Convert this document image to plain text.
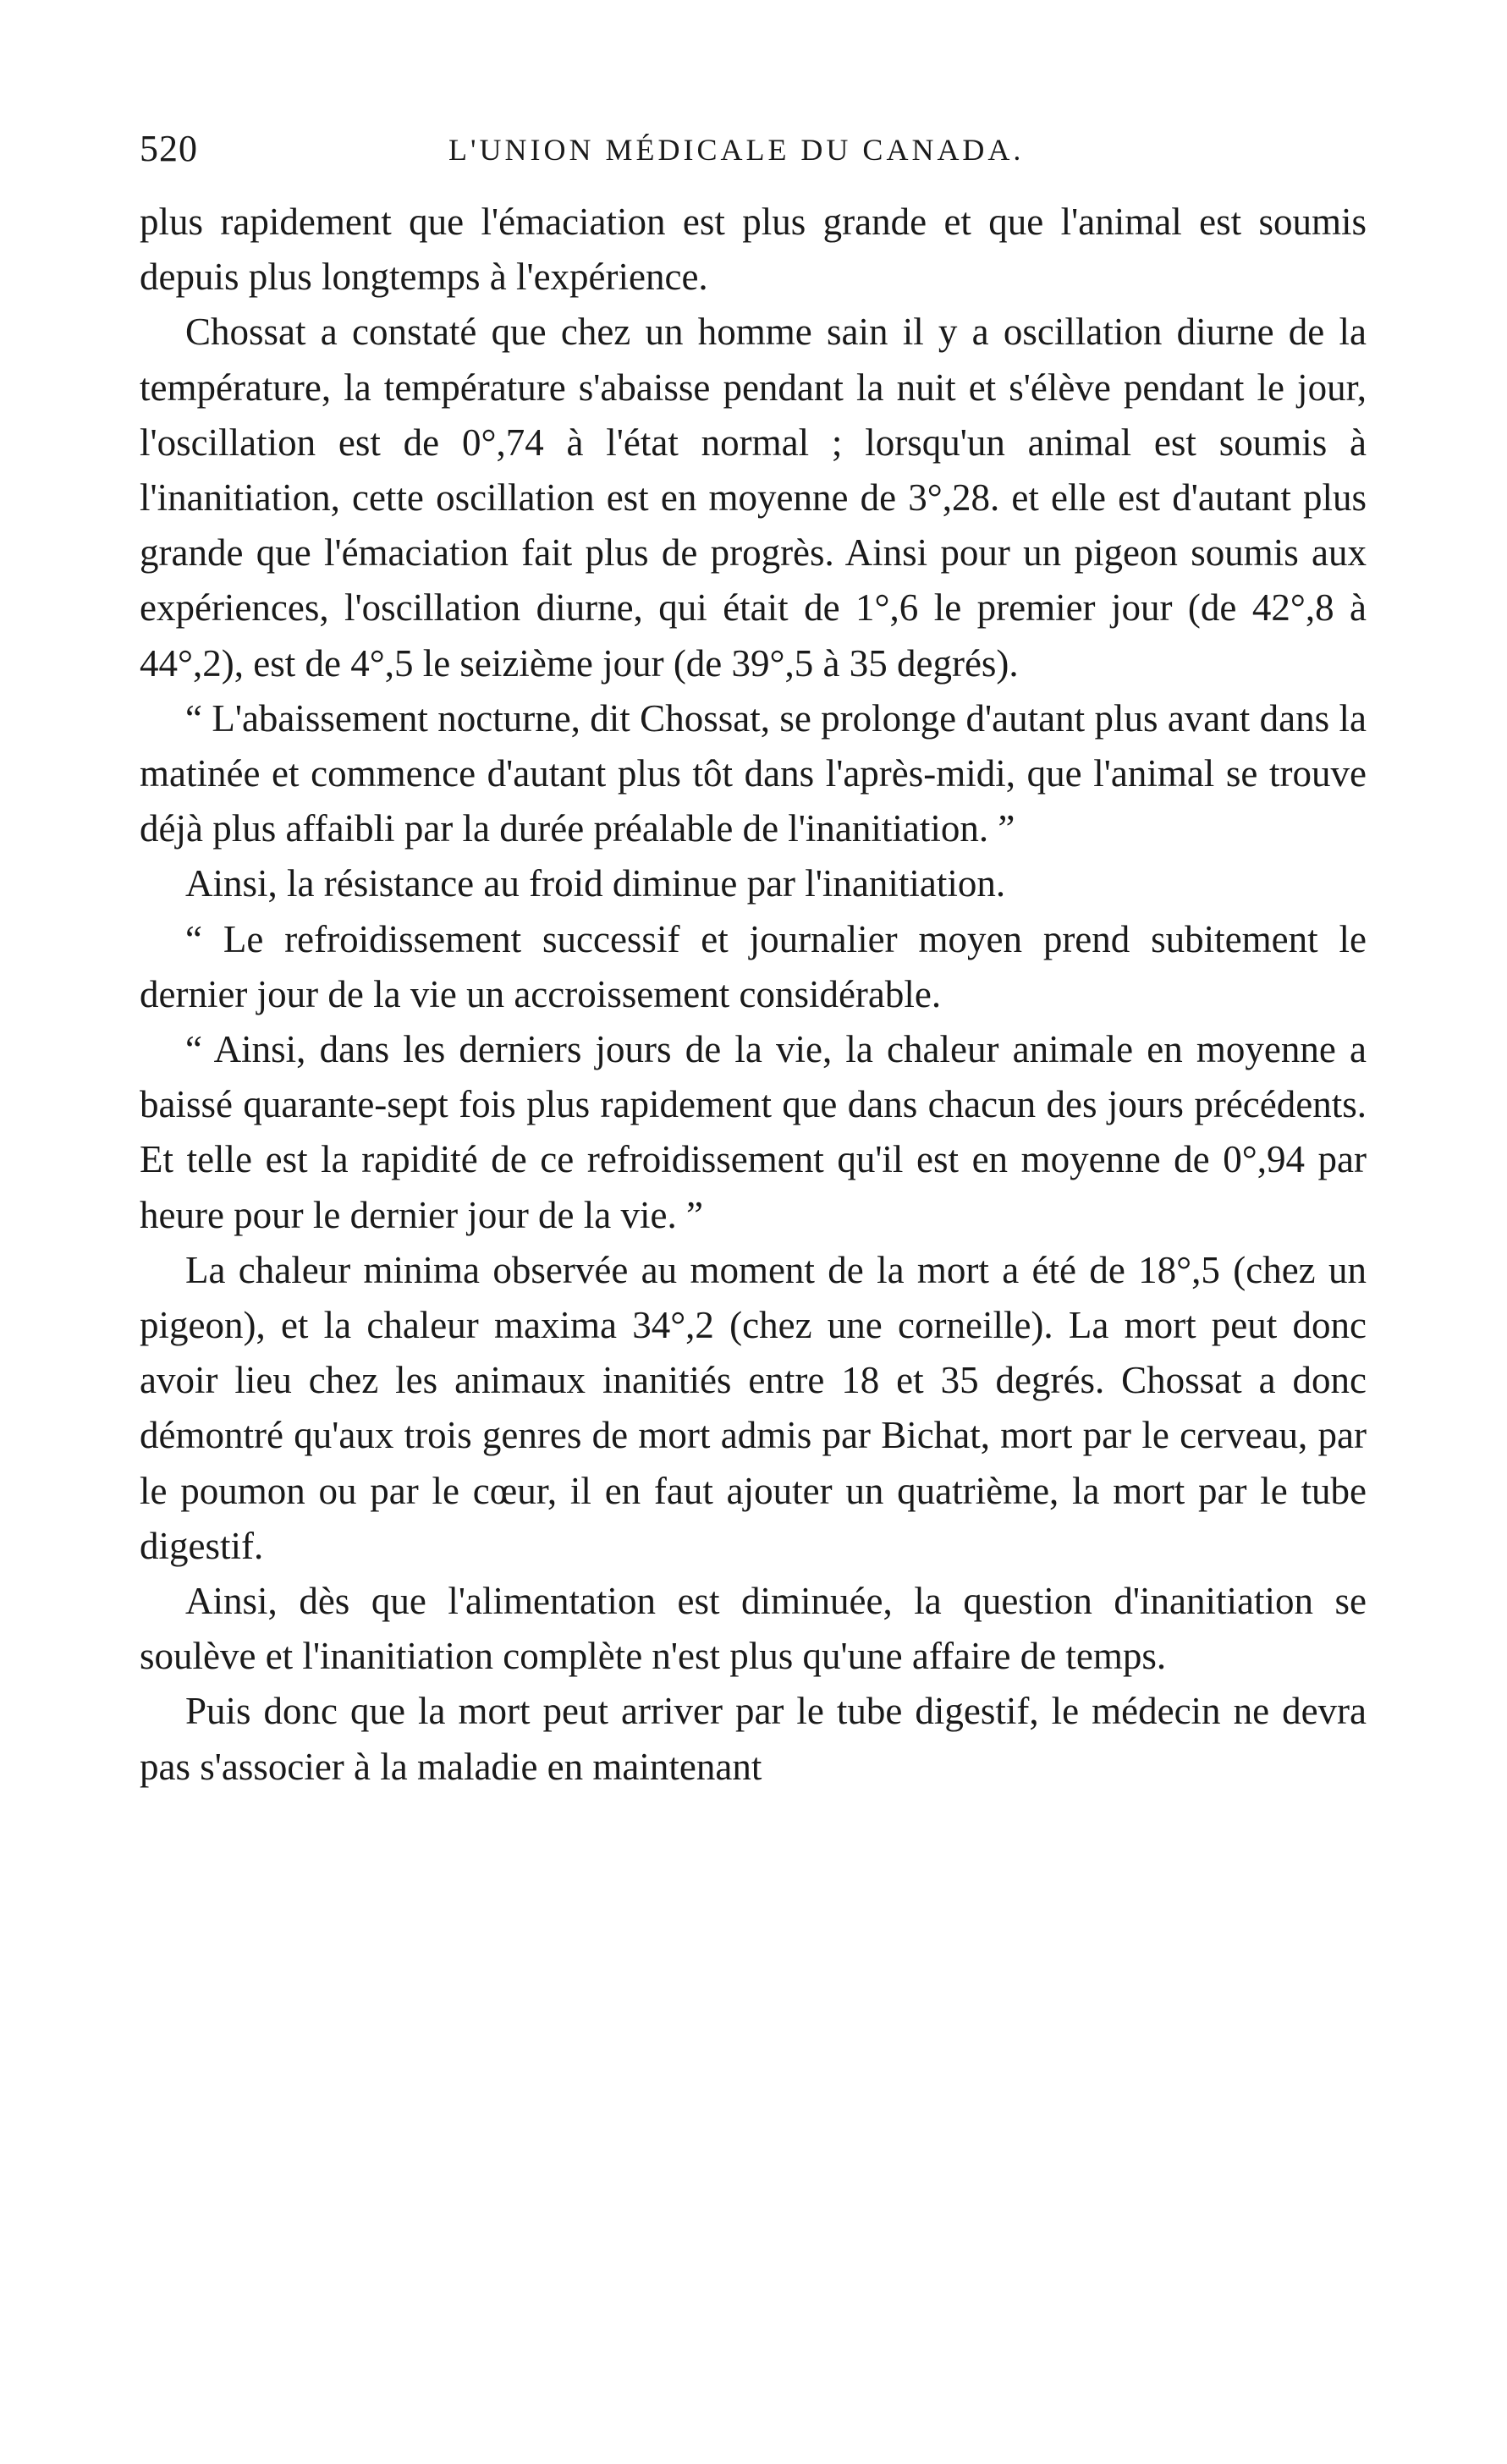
520	L'UNION MÉDICALE DU CANADA.

plus rapidement que l'émaciation est plus grande et que l'animal est soumis depuis plus longtemps à l'expérience.

Chossat a constaté que chez un homme sain il y a oscillation diurne de la température, la température s'abaisse pendant la nuit et s'élève pendant le jour, l'oscillation est de 0°,74 à l'état normal ; lorsqu'un animal est soumis à l'inanitiation, cette oscillation est en moyenne de 3°,28. et elle est d'autant plus grande que l'émaciation fait plus de progrès. Ainsi pour un pigeon soumis aux expériences, l'oscillation diurne, qui était de 1°,6 le premier jour (de 42°,8 à 44°,2), est de 4°,5 le seizième jour (de 39°,5 à 35 degrés).

“ L'abaissement nocturne, dit Chossat, se prolonge d'autant plus avant dans la matinée et commence d'autant plus tôt dans l'après-midi, que l'animal se trouve déjà plus affaibli par la durée préalable de l'inanitiation. ”

Ainsi, la résistance au froid diminue par l'inanitiation.

“ Le refroidissement successif et journalier moyen prend subitement le dernier jour de la vie un accroissement considérable.

“ Ainsi, dans les derniers jours de la vie, la chaleur animale en moyenne a baissé quarante-sept fois plus rapidement que dans chacun des jours précédents. Et telle est la rapidité de ce refroidissement qu'il est en moyenne de 0°,94 par heure pour le dernier jour de la vie. ”

La chaleur minima observée au moment de la mort a été de 18°,5 (chez un pigeon), et la chaleur maxima 34°,2 (chez une corneille). La mort peut donc avoir lieu chez les animaux inanitiés entre 18 et 35 degrés. Chossat a donc démontré qu'aux trois genres de mort admis par Bichat, mort par le cerveau, par le poumon ou par le cœur, il en faut ajouter un quatrième, la mort par le tube digestif.

Ainsi, dès que l'alimentation est diminuée, la question d'inanitiation se soulève et l'inanitiation complète n'est plus qu'une affaire de temps.

Puis donc que la mort peut arriver par le tube digestif, le médecin ne devra pas s'associer à la maladie en maintenant
